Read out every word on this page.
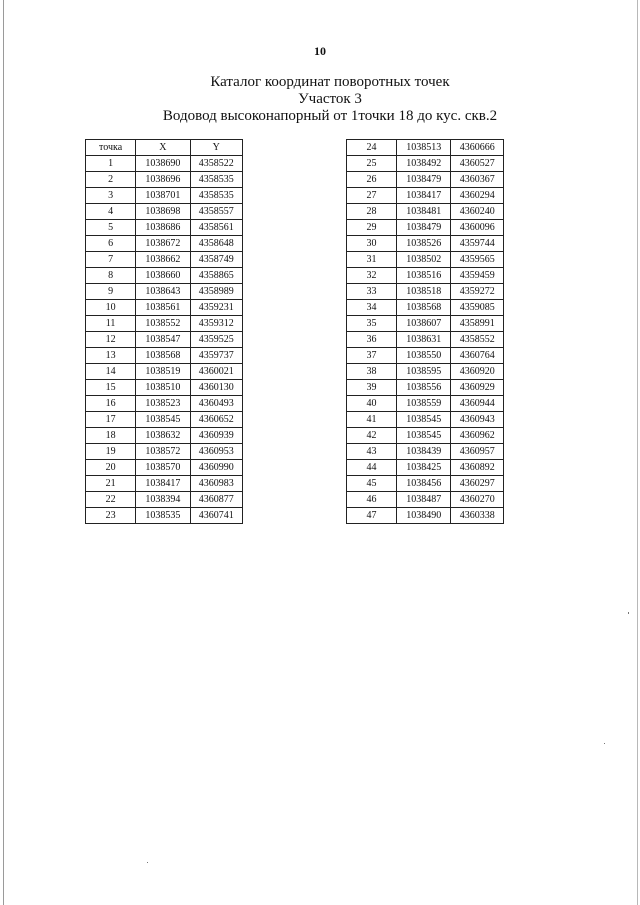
10
Каталог координат поворотных точек
Участок 3
Водовод высоконапорный от 1точки 18 до кус. скв.2
точка	X	Y
1	1038690	4358522
2	1038696	4358535
3	1038701	4358535
4	1038698	4358557
5	1038686	4358561
6	1038672	4358648
7	1038662	4358749
8	1038660	4358865
9	1038643	4358989
10	1038561	4359231
11	1038552	4359312
12	1038547	4359525
13	1038568	4359737
14	1038519	4360021
15	1038510	4360130
16	1038523	4360493
17	1038545	4360652
18	1038632	4360939
19	1038572	4360953
20	1038570	4360990
21	1038417	4360983
22	1038394	4360877
23	1038535	4360741
24	1038513	4360666
25	1038492	4360527
26	1038479	4360367
27	1038417	4360294
28	1038481	4360240
29	1038479	4360096
30	1038526	4359744
31	1038502	4359565
32	1038516	4359459
33	1038518	4359272
34	1038568	4359085
35	1038607	4358991
36	1038631	4358552
37	1038550	4360764
38	1038595	4360920
39	1038556	4360929
40	1038559	4360944
41	1038545	4360943
42	1038545	4360962
43	1038439	4360957
44	1038425	4360892
45	1038456	4360297
46	1038487	4360270
47	1038490	4360338
